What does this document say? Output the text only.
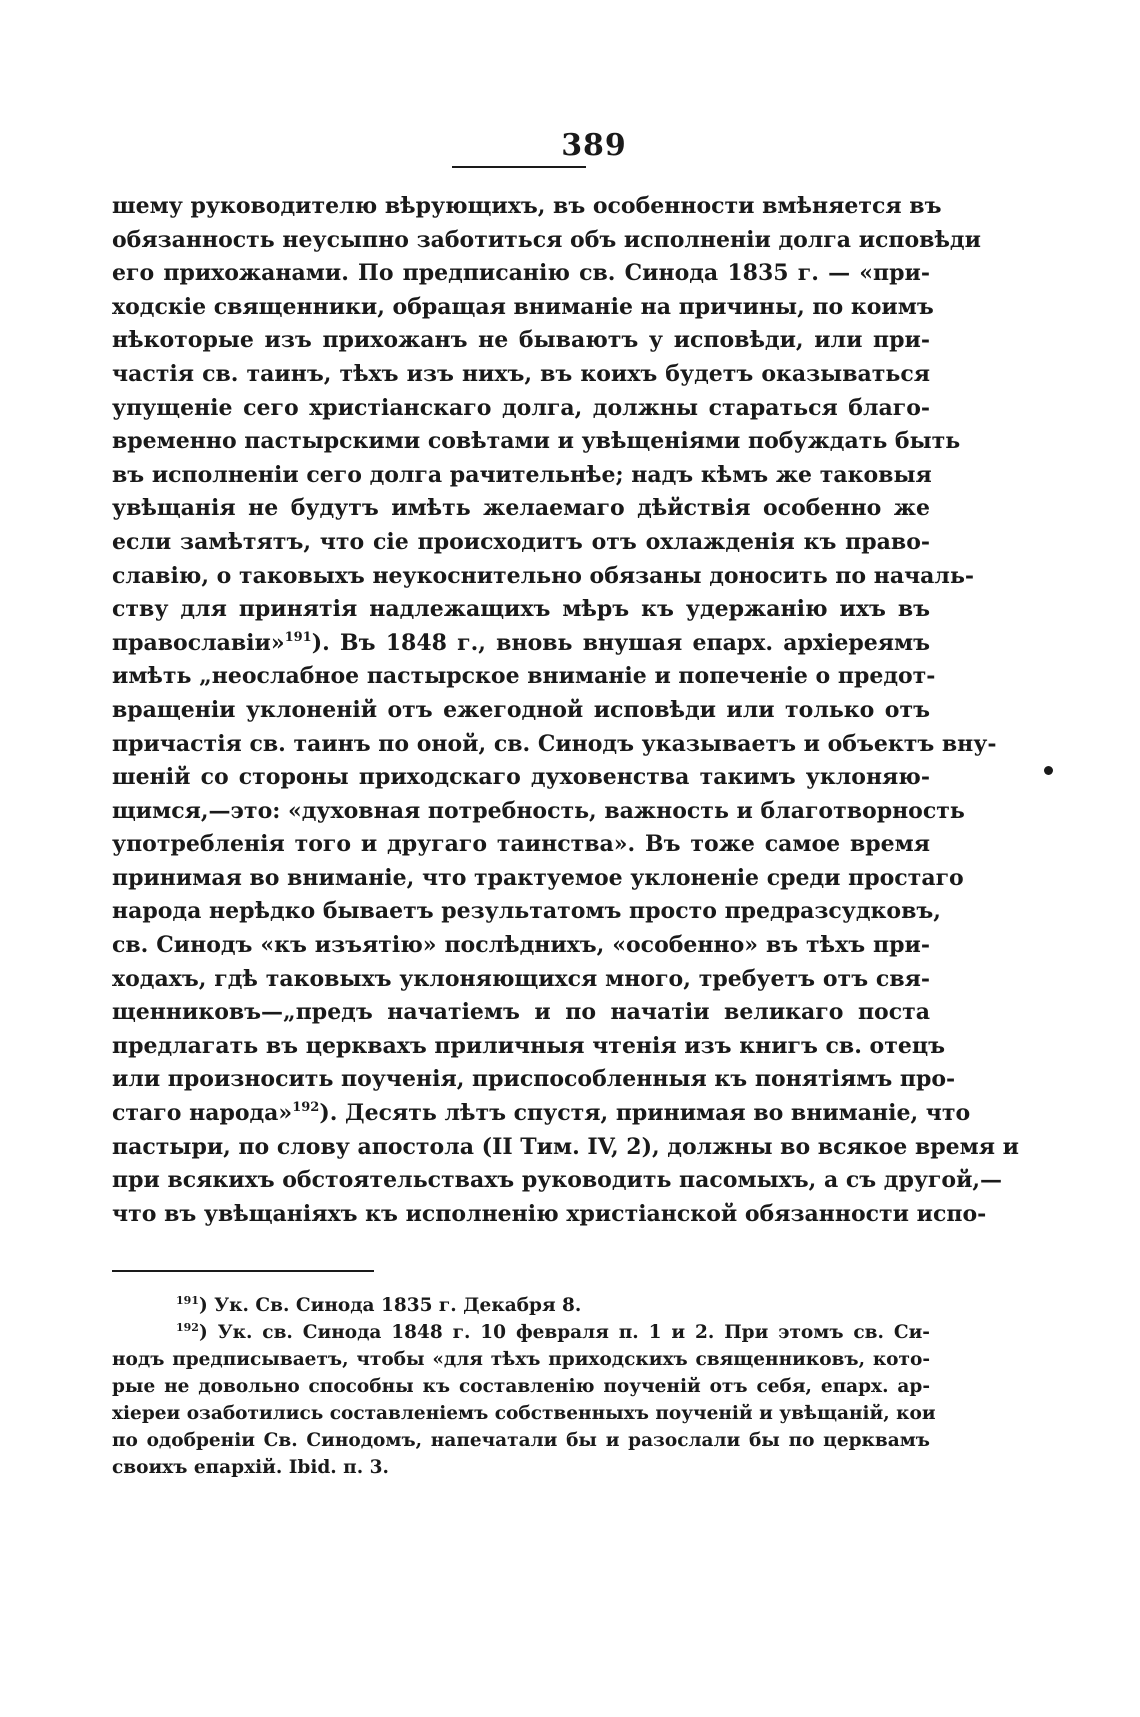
389
шему руководителю вѣрующихъ, въ особенности вмѣняется въ
обязанность неусыпно заботиться объ исполненіи долга исповѣди
его прихожанами. По предписанію св. Синода 1835 г. — «при-
ходскіе священники, обращая вниманіе на причины, по коимъ
нѣкоторые изъ прихожанъ не бываютъ у исповѣди, или при-
частія св. таинъ, тѣхъ изъ нихъ, въ коихъ будетъ оказываться
упущеніе сего христіанскаго долга, должны стараться благо-
временно пастырскими совѣтами и увѣщеніями побуждать быть
въ исполненіи сего долга рачительнѣе; надъ кѣмъ же таковыя
увѣщанія не будутъ имѣть желаемаго дѣйствія особенно же
если замѣтятъ, что сіе происходитъ отъ охлажденія къ право-
славію, о таковыхъ неукоснительно обязаны доносить по началь-
ству для принятія надлежащихъ мѣръ къ удержанію ихъ въ
православіи»$^{191}$). Въ 1848 г., вновь внушая епарх. архіереямъ
имѣть „неослабное пастырское вниманіе и попеченіе о предот-
вращеніи уклоненій отъ ежегодной исповѣди или только отъ
причастія св. таинъ по оной, св. Синодъ указываетъ и объектъ вну-
шеній со стороны приходскаго духовенства такимъ уклоняю-
щимся,—это: «духовная потребность, важность и благотворность
употребленія того и другаго таинства». Въ тоже самое время
принимая во вниманіе, что трактуемое уклоненіе среди простаго
народа нерѣдко бываетъ результатомъ просто предразсудковъ,
св. Синодъ «къ изъятію» послѣднихъ, «особенно» въ тѣхъ при-
ходахъ, гдѣ таковыхъ уклоняющихся много, требуетъ отъ свя-
щенниковъ—„предъ начатіемъ и по начатіи великаго поста
предлагать въ церквахъ приличныя чтенія изъ книгъ св. отецъ
или произносить поученія, приспособленныя къ понятіямъ про-
стаго народа»$^{192}$). Десять лѣтъ спустя, принимая во вниманіе, что
пастыри, по слову апостола (II Тим. IV, 2), должны во всякое время и
при всякихъ обстоятельствахъ руководить пасомыхъ, а съ другой,—
что въ увѣщаніяхъ къ исполненію христіанской обязанности испо-
$^{191}$) Ук. Св. Синода 1835 г. Декабря 8.
$^{192}$) Ук. св. Синода 1848 г. 10 февраля п. 1 и 2. При этомъ св. Си-
нодъ предписываетъ, чтобы «для тѣхъ приходскихъ священниковъ, кото-
рые не довольно способны къ составленію поученій отъ себя, епарх. ар-
хіереи озаботились составленіемъ собственныхъ поученій и увѣщаній, кои
по одобреніи Св. Синодомъ, напечатали бы и разослали бы по церквамъ
своихъ епархій. Ibid. п. 3.
